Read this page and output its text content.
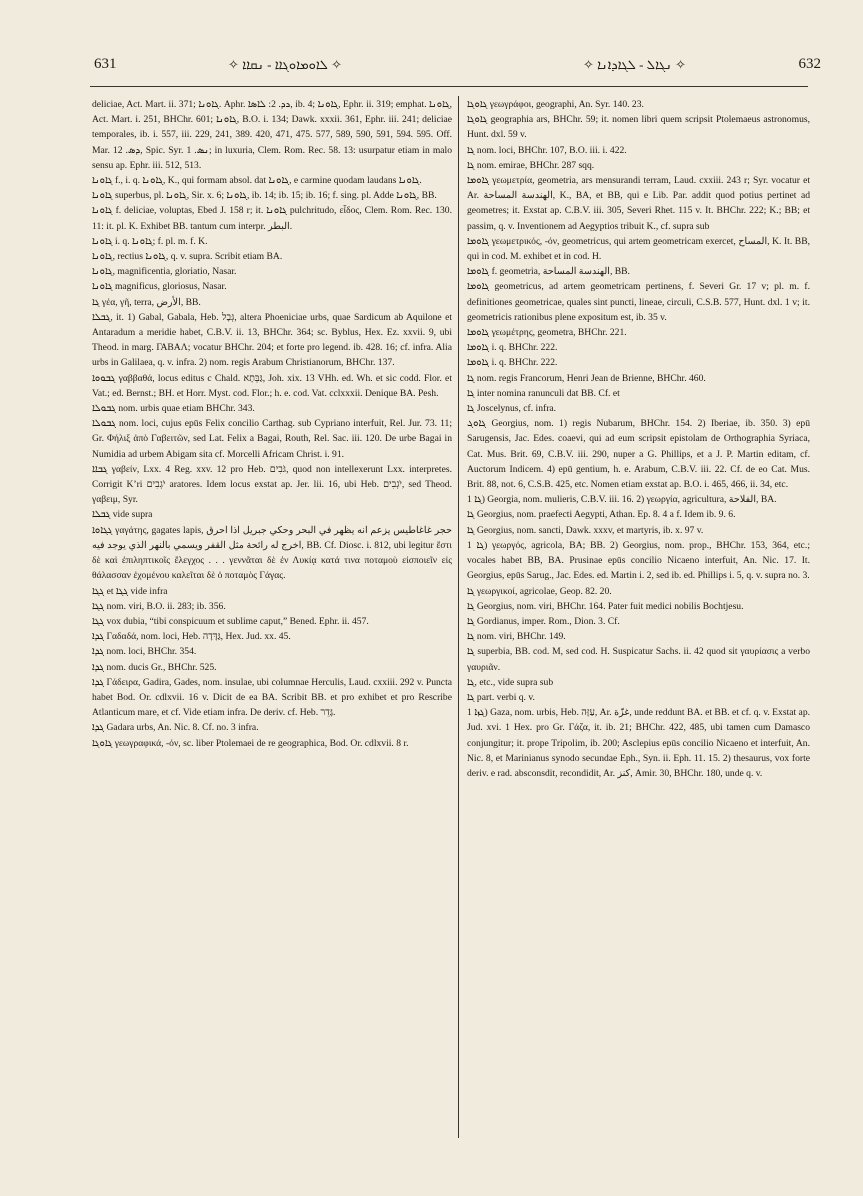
631	✧ ܠܐܘܡܐܘܓܐܐ - ܢܩܐܐ ✧	✧ ܢܓܐܠ - ܠܓܐܕܐܢܐ ✧	632

deliciae, Act. Mart. ii. 371; ܓܐܘܢܐ. Aphr. ܖܕ. 2: ܠܐܣܐ, ib. 4; ܓܐܘܢܐ, Ephr. ii. 319; emphat. ܓܐܘܢܐ, Act. Mart. i. 251, BHChr. 601; ܓܐܘܢܐ, B.O. i. 134; Dawk. xxxii. 361, Ephr. iii. 241; deliciae temporales, ib. i. 557, iii. 229, 241, 389. 420, 471, 475. 577, 589, 590, 591, 594. 595. Off. Mar. ܕܣ. 12, Spic. Syr. ܢܣ. 1; in luxuria, Clem. Rom. Rec. 58. 13: usurpatur etiam in malo sensu ap. Ephr. iii. 512, 513.

ܓܐܘܢܐ f., i. q. ܓܐܘܢܐ, K., qui formam absol. dat ܓܐܘܢܐ, e carmine quodam laudans ܓܐܘܢܐ.

ܓܐܘܢܐ superbus, pl. ܓܐܘܢܐ, Sir. x. 6; ܓܐܘܢܐ, ib. 14; ib. 15; ib. 16; f. sing. pl. Adde ܓܐܘܢܐ, BB.

ܓܐܘܢܐ f. deliciae, voluptas, Ebed J. 158 r; it. ܓܐܘܢܐ pulchritudo, εἶδος, Clem. Rom. Rec. 130. 11: it. pl. K. Exhibet BB. tantum cum interpr. البطر.

ܓܐܘܢܐ i. q. ܓܐܘܢܐ; f. pl. m. f. K.

ܓܐܘܢܐ, rectius ܓܐܘܢܐ, q. v. supra. Scribit etiam BA.

ܓܐܘܢܐ, magnificentia, gloriatio, Nasar.

ܓܐܘܢܐ magnificus, gloriosus, Nasar.

ܓܐ γέα, γῆ, terra, الأرض, BB.

ܓܒܠܐ, it. 1) Gabal, Gabala, Heb. גְּבָל, altera Phoeniciae urbs, quae Sardicum ab Aquilone et Antaradum a meridie habet, C.B.V. ii. 13, BHChr. 364; sc. Byblus, Hex. Ez. xxvii. 9, ubi Theod. in marg. ΓΑΒΑΛ; vocatur BHChr. 204; et forte pro legend. ib. 428. 16; cf. infra. Alia urbs in Galilaea, q. v. infra. 2) nom. regis Arabum Christianorum, BHChr. 137.

ܓܒܘܘܐ γαββαθά, locus editus c Chald. גַּבְּתָא, Joh. xix. 13 VHh. ed. Wh. et sic codd. Flor. et Vat.; ed. Bernst.; BH. et Horr. Myst. cod. Flor.; h. e. cod. Vat. cclxxxii. Denique BA. Pesh.

ܓܒܘܠܐ nom. urbis quae etiam BHChr. 343.

ܓܒܘܠܐ nom. loci, cujus epūs Felix concilio Carthag. sub Cypriano interfuit, Rel. Jur. 73. 11; Gr. Φήλιξ ἀπὸ Γαβειτῶν, sed Lat. Felix a Bagai, Routh, Rel. Sac. iii. 120. De urbe Bagai in Numidia ad urbem Abigam sita cf. Morcelli Africam Christ. i. 91.

ܓܒܐܐ γαβείν, Lxx. 4 Reg. xxv. 12 pro Heb. גֹּבִים, quod non intellexerunt Lxx. interpretes. Corrigit Kʼri יֹגְבִים aratores. Idem locus exstat ap. Jer. lii. 16, ubi Heb. יֹגְבִים, sed Theod. γαβειμ, Syr.

ܓܒܠܐ vide supra

ܓܓܐܘܐ γαγάτης, gagates lapis, حجر غاغاطيس يزعم انه يظهر في البحر وحكي جبريل اذا احرق اخرج له رائحة مثل القفر ويسمي بالنهر الذي يوجد فيه, BB. Cf. Diosc. i. 812, ubi legitur ἔστι δὲ καὶ ἐπιληπτικοῖς ἔλεγχος . . . γεννᾶται δὲ ἐν Λυκίᾳ κατά τινα ποταμοὺ εἰσποιεῖν εἰς θάλασσαν ἐχομένου καλεῖται δὲ ὁ ποταμὸς Γάγας.

ܓܓܐ et ܓܓܐ vide infra

ܓܓܐ nom. viri, B.O. ii. 283; ib. 356.

ܓܓܐ vox dubia, “tibi conspicuum et sublime caput,” Bened. Ephr. ii. 457.

ܓܕܐ Γαδαδά, nom. loci, Heb. גַּדָּדָה, Hex. Jud. xx. 45.

ܓܕܐ nom. loci, BHChr. 354.

ܓܕܐ nom. ducis Gr., BHChr. 525.

ܓܕܐ Γάδειρα, Gadira, Gades, nom. insulae, ubi columnae Herculis, Laud. cxxiii. 292 v. Puncta habet Bod. Or. cdlxvii. 16 v. Dicit de ea BA. Scribit BB. et pro exhibet et pro Rescribe Atlanticum mare, et cf. Vide etiam infra. De deriv. cf. Heb. גָּדֵר.

ܓܕܐ Gadara urbs, An. Nic. 8. Cf. no. 3 infra.

ܓܐܘܓܐ γεωγραφικά, -όν, sc. liber Ptolemaei de re geographica, Bod. Or. cdlxvii. 8 r.

ܓܐܘܓܐ γεωγράφοι, geographi, An. Syr. 140. 23.

ܓܐܘܓܐ geographia ars, BHChr. 59; it. nomen libri quem scripsit Ptolemaeus astronomus, Hunt. dxl. 59 v.

ܓܐ nom. loci, BHChr. 107, B.O. iii. i. 422.

ܓܐ nom. emirae, BHChr. 287 sqq.

ܓܐܘܡܐ γεωμετρία, geometria, ars mensurandi terram, Laud. cxxiii. 243 r; Syr. vocatur et Ar. الهندسة المساحة, K., BA, et BB, qui e Lib. Par. addit quod potius pertinet ad geometres; it. Exstat ap. C.B.V. iii. 305, Severi Rhet. 115 v. It. BHChr. 222; K.; BB; et passim, q. v. Inventionem ad Aegyptios tribuit K., cf. supra sub

ܓܐܘܡܐ γεωμετρικός, -όν, geometricus, qui artem geometricam exercet, المساح, K. It. BB, qui in cod. M. exhibet et in cod. H.

ܓܐܘܡܐ f. geometria, الهندسة المساحة, BB.

ܓܐܘܡܐ geometricus, ad artem geometricam pertinens, f. Severi Gr. 17 v; pl. m. f. definitiones geometricae, quales sint puncti, lineae, circuli, C.S.B. 577, Hunt. dxl. 1 v; it. geometricis rationibus plene expositum est, ib. 35 v.

ܓܐܘܡܐ γεωμέτρης, geometra, BHChr. 221.

ܓܐܘܡܐ i. q. BHChr. 222.

ܓܐܘܡܐ i. q. BHChr. 222.

ܓܐ nom. regis Francorum, Henri Jean de Brienne, BHChr. 460.

ܓܐ inter nomina ranunculi dat BB. Cf. et

ܓܐ Joscelynus, cf. infra.

ܓܐܘܓ Georgius, nom. 1) regis Nubarum, BHChr. 154. 2) Iberiae, ib. 350. 3) epū Sarugensis, Jac. Edes. coaevi, qui ad eum scripsit epistolam de Orthographia Syriaca, Cat. Mus. Brit. 69, C.B.V. iii. 290, nuper a G. Phillips, et a J. P. Martin editam, cf. Auctorum Indicem. 4) epū gentium, h. e. Arabum, C.B.V. iii. 22. Cf. de eo Cat. Mus. Brit. 88, not. 6, C.S.B. 425, etc. Nomen etiam exstat ap. B.O. i. 465, 466, ii. 34, etc.

ܓܐ 1) Georgia, nom. mulieris, C.B.V. iii. 16. 2) γεωργία, agricultura, الفلاحة, BA.

ܓܐ Georgius, nom. praefecti Aegypti, Athan. Ep. 8. 4 a f. Idem ib. 9. 6.

ܓܐ Georgius, nom. sancti, Dawk. xxxv, et martyris, ib. x. 97 v.

ܓܐ 1) γεωργός, agricola, BA; BB. 2) Georgius, nom. prop., BHChr. 153, 364, etc.; vocales habet BB, BA. Prusinae epūs concilio Nicaeno interfuit, An. Nic. 17. It. Georgius, epūs Sarug., Jac. Edes. ed. Martin i. 2, sed ib. ed. Phillips i. 5, q. v. supra no. 3.

ܓܐ γεωργικοί, agricolae, Geop. 82. 20.

ܓܐ Georgius, nom. viri, BHChr. 164. Pater fuit medici nobilis Bochtjesu.

ܓܐ Gordianus, imper. Rom., Dion. 3. Cf.

ܓܐ nom. viri, BHChr. 149.

ܓܐ superbia, BB. cod. M, sed cod. H. Suspicatur Sachs. ii. 42 quod sit γαυρίασις a verbo γαυριᾶν.

ܓܐ, etc., vide supra sub

ܓܐ part. verbi q. v.

ܓܙܐ 1) Gaza, nom. urbis, Heb. עַזָּה, Ar. غزّة, unde reddunt BA. et BB. et cf. q. v. Exstat ap. Jud. xvi. 1 Hex. pro Gr. Γάζα, it. ib. 21; BHChr. 422, 485, ubi tamen cum Damasco conjungitur; it. prope Tripolim, ib. 200; Asclepius epūs concilio Nicaeno et interfuit, An. Nic. 8, et Marinianus synodo secundae Eph., Syn. ii. Eph. 11. 15. 2) thesaurus, vox forte deriv. e rad. absconsdit, recondidit, Ar. كنز, Amir. 30, BHChr. 180, unde q. v.
